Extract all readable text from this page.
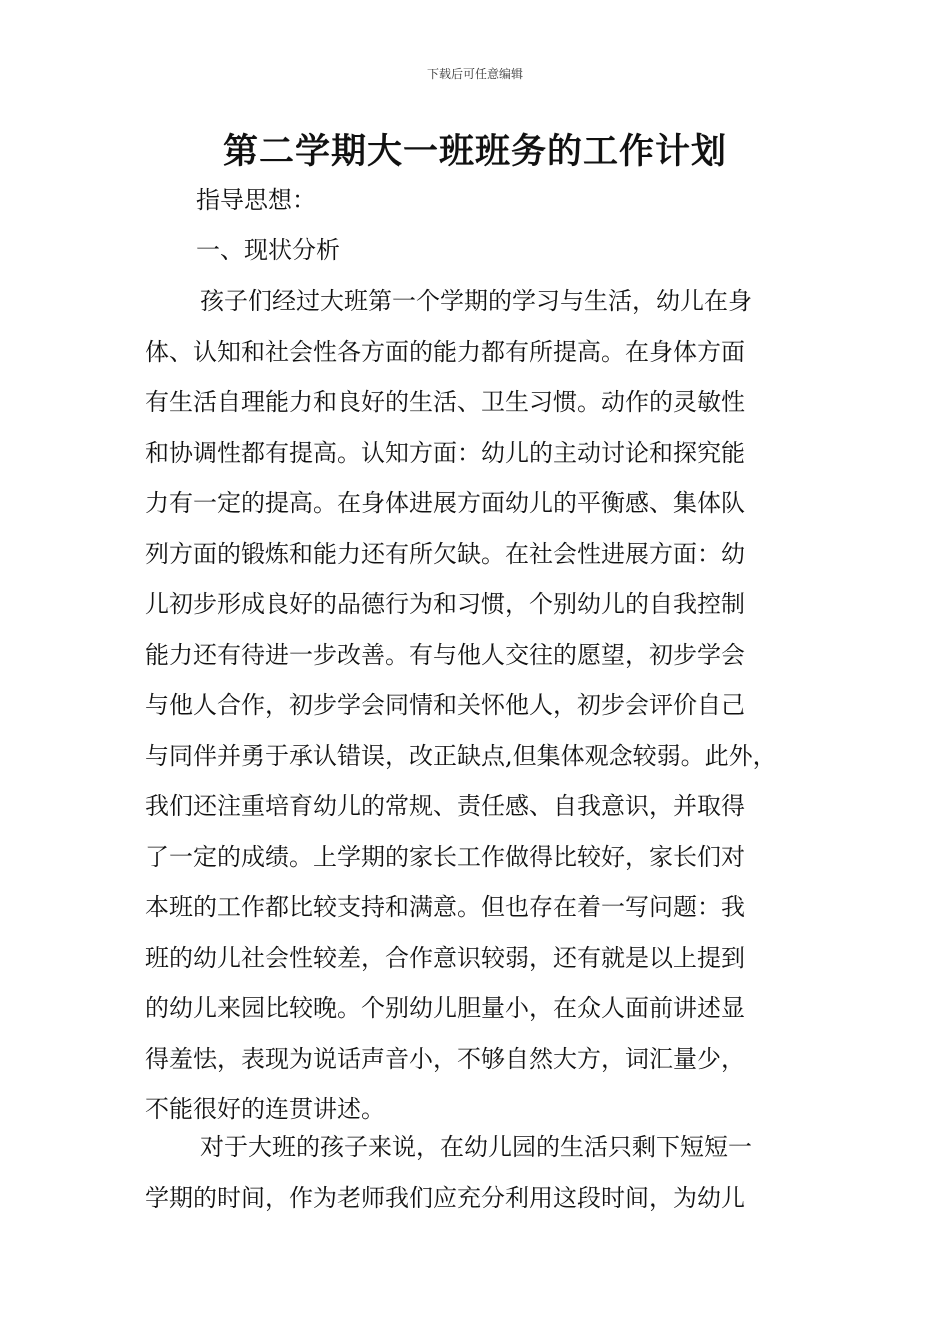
下载后可任意编辑
第二学期大一班班务的工作计划

指导思想：

一、现状分析

孩子们经过大班第一个学期的学习与生活，幼儿在身
体、认知和社会性各方面的能力都有所提高。在身体方面
有生活自理能力和良好的生活、卫生习惯。动作的灵敏性
和协调性都有提高。认知方面：幼儿的主动讨论和探究能
力有一定的提高。在身体进展方面幼儿的平衡感、集体队
列方面的锻炼和能力还有所欠缺。在社会性进展方面：幼
儿初步形成良好的品德行为和习惯，个别幼儿的自我控制
能力还有待进一步改善。有与他人交往的愿望，初步学会
与他人合作，初步学会同情和关怀他人，初步会评价自己
与同伴并勇于承认错误，改正缺点,但集体观念较弱。此外，
我们还注重培育幼儿的常规、责任感、自我意识，并取得
了一定的成绩。上学期的家长工作做得比较好，家长们对
本班的工作都比较支持和满意。但也存在着一写问题：我
班的幼儿社会性较差，合作意识较弱，还有就是以上提到
的幼儿来园比较晚。个别幼儿胆量小，在众人面前讲述显
得羞怯，表现为说话声音小，不够自然大方，词汇量少，
不能很好的连贯讲述。
对于大班的孩子来说，在幼儿园的生活只剩下短短一
学期的时间，作为老师我们应充分利用这段时间，为幼儿
